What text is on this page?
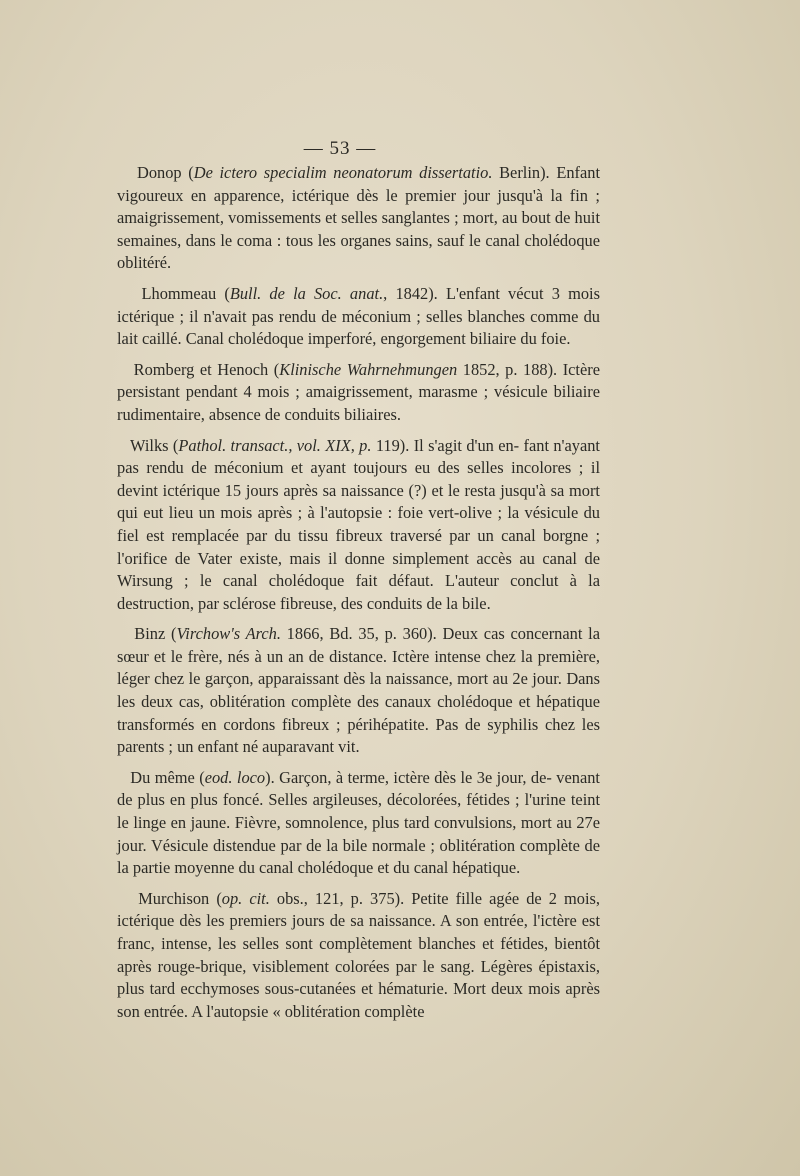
— 53 —

Donop (De ictero specialim neonatorum dissertatio. Berlin). Enfant vigoureux en apparence, ictérique dès le premier jour jusqu'à la fin ; amaigrissement, vomissements et selles sanglantes ; mort, au bout de huit semaines, dans le coma : tous les organes sains, sauf le canal cholédoque oblitéré.

Lhommeau (Bull. de la Soc. anat., 1842). L'enfant vécut 3 mois ictérique ; il n'avait pas rendu de méconium ; selles blanches comme du lait caillé. Canal cholédoque imperforé, engorgement biliaire du foie.

Romberg et Henoch (Klinische Wahrnehmungen 1852, p. 188). Ictère persistant pendant 4 mois ; amaigrissement, marasme ; vésicule biliaire rudimentaire, absence de conduits biliaires.

Wilks (Pathol. transact., vol. XIX, p. 119). Il s'agit d'un en- fant n'ayant pas rendu de méconium et ayant toujours eu des selles incolores ; il devint ictérique 15 jours après sa naissance (?) et le resta jusqu'à sa mort qui eut lieu un mois après ; à l'autopsie : foie vert-olive ; la vésicule du fiel est remplacée par du tissu fibreux traversé par un canal borgne ; l'orifice de Vater existe, mais il donne simplement accès au canal de Wirsung ; le canal cholédoque fait défaut. L'auteur conclut à la destruction, par sclérose fibreuse, des conduits de la bile.

Binz (Virchow's Arch. 1866, Bd. 35, p. 360). Deux cas concernant la sœur et le frère, nés à un an de distance. Ictère intense chez la première, léger chez le garçon, apparaissant dès la naissance, mort au 2e jour. Dans les deux cas, oblitération complète des canaux cholédoque et hépatique transformés en cordons fibreux ; périhépatite. Pas de syphilis chez les parents ; un enfant né auparavant vit.

Du même (eod. loco). Garçon, à terme, ictère dès le 3e jour, de- venant de plus en plus foncé. Selles argileuses, décolorées, fétides ; l'urine teint le linge en jaune. Fièvre, somnolence, plus tard convulsions, mort au 27e jour. Vésicule distendue par de la bile normale ; oblitération complète de la partie moyenne du canal cholédoque et du canal hépatique.

Murchison (op. cit. obs., 121, p. 375). Petite fille agée de 2 mois, ictérique dès les premiers jours de sa naissance. A son entrée, l'ictère est franc, intense, les selles sont complètement blanches et fétides, bientôt après rouge-brique, visiblement colorées par le sang. Légères épistaxis, plus tard ecchymoses sous-cutanées et hématurie. Mort deux mois après son entrée. A l'autopsie « oblitération complète
